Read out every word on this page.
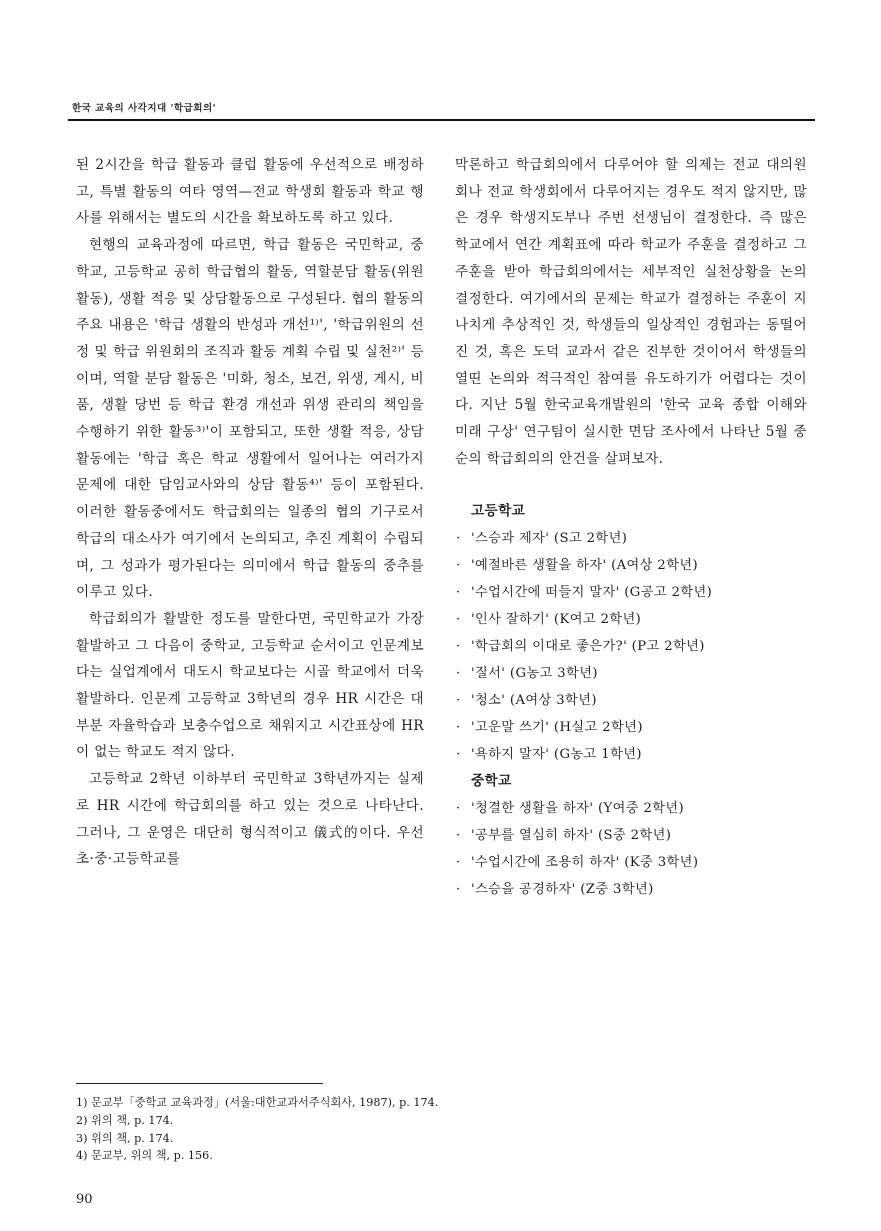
한국 교육의 사각지대 '학급회의'

된 2시간을 학급 활동과 클럽 활동에 우선적으로 배정하고, 특별 활동의 여타 영역—전교 학생회 활동과 학교 행사를 위해서는 별도의 시간을 확보하도록 하고 있다.

현행의 교육과정에 따르면, 학급 활동은 국민학교, 중학교, 고등학교 공히 학급협의 활동, 역할분담 활동(위원활동), 생활 적응 및 상담활동으로 구성된다. 협의 활동의 주요 내용은 '학급 생활의 반성과 개선¹⁾', '학급위원의 선정 및 학급 위원회의 조직과 활동 계획 수립 및 실천²⁾' 등이며, 역할 분담 활동은 '미화, 청소, 보건, 위생, 게시, 비품, 생활 당번 등 학급 환경 개선과 위생 관리의 책임을 수행하기 위한 활동³⁾'이 포함되고, 또한 생활 적응, 상담 활동에는 '학급 혹은 학교 생활에서 일어나는 여러가지 문제에 대한 담임교사와의 상담 활동⁴⁾' 등이 포함된다. 이러한 활동중에서도 학급회의는 일종의 협의 기구로서 학급의 대소사가 여기에서 논의되고, 추진 계획이 수립되며, 그 성과가 평가된다는 의미에서 학급 활동의 중추를 이루고 있다.

학급회의가 활발한 정도를 말한다면, 국민학교가 가장 활발하고 그 다음이 중학교, 고등학교 순서이고 인문계보다는 실업계에서 대도시 학교보다는 시골 학교에서 더욱 활발하다. 인문계 고등학교 3학년의 경우 HR 시간은 대부분 자율학습과 보충수업으로 채워지고 시간표상에 HR이 없는 학교도 적지 않다.

고등학교 2학년 이하부터 국민학교 3학년까지는 실제로 HR 시간에 학급회의를 하고 있는 것으로 나타난다. 그러나, 그 운영은 대단히 형식적이고 儀式的이다. 우선 초·중·고등학교를

막론하고 학급회의에서 다루어야 할 의제는 전교 대의원회나 전교 학생회에서 다루어지는 경우도 적지 않지만, 많은 경우 학생지도부나 주번 선생님이 결정한다. 즉 많은 학교에서 연간 계획표에 따라 학교가 주훈을 결정하고 그 주훈을 받아 학급회의에서는 세부적인 실천상황을 논의 결정한다. 여기에서의 문제는 학교가 결정하는 주훈이 지나치게 추상적인 것, 학생들의 일상적인 경험과는 동떨어진 것, 혹은 도덕 교과서 같은 진부한 것이어서 학생들의 열띤 논의와 적극적인 참여를 유도하기가 어렵다는 것이다. 지난 5월 한국교육개발원의 '한국 교육 종합 이해와 미래 구상' 연구팀이 실시한 면담 조사에서 나타난 5월 중순의 학급회의의 안건을 살펴보자.

고등학교
· '스승과 제자' (S고 2학년)
· '예절바른 생활을 하자' (A여상 2학년)
· '수업시간에 떠들지 말자' (G공고 2학년)
· '인사 잘하기' (K여고 2학년)
· '학급회의 이대로 좋은가?' (P고 2학년)
· '질서' (G농고 3학년)
· '청소' (A여상 3학년)
· '고운말 쓰기' (H실고 2학년)
· '욕하지 말자' (G농고 1학년)
중학교
· '청결한 생활을 하자' (Y여중 2학년)
· '공부를 열심히 하자' (S중 2학년)
· '수업시간에 조용히 하자' (K중 3학년)
· '스승을 공경하자' (Z중 3학년)
1) 문교부「중학교 교육과정」(서울:대한교과서주식회사, 1987), p. 174.
2) 위의 책, p. 174.
3) 위의 책, p. 174.
4) 문교부, 위의 책, p. 156.
90
